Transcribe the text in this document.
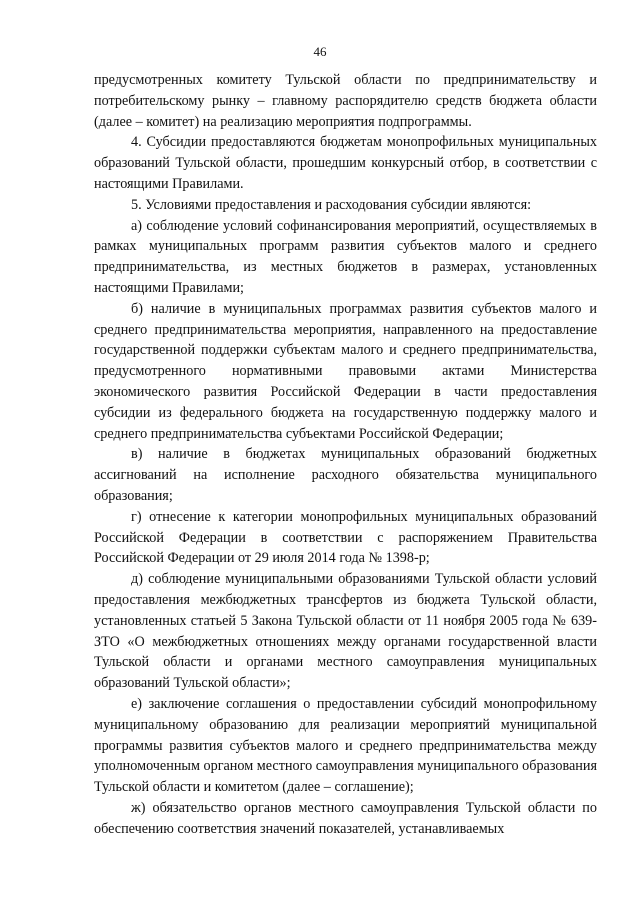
46

предусмотренных комитету Тульской области по предпринимательству и потребительскому рынку – главному распорядителю средств бюджета области (далее – комитет) на реализацию мероприятия подпрограммы.

4. Субсидии предоставляются бюджетам монопрофильных муниципальных образований Тульской области, прошедшим конкурсный отбор, в соответствии с настоящими Правилами.

5. Условиями предоставления и расходования субсидии являются:

а) соблюдение условий софинансирования мероприятий, осуществляемых в рамках муниципальных программ развития субъектов малого и среднего предпринимательства, из местных бюджетов в размерах, установленных настоящими Правилами;

б) наличие в муниципальных программах развития субъектов малого и среднего предпринимательства мероприятия, направленного на предоставление государственной поддержки субъектам малого и среднего предпринимательства, предусмотренного нормативными правовыми актами Министерства экономического развития Российской Федерации в части предоставления субсидии из федерального бюджета на государственную поддержку малого и среднего предпринимательства субъектами Российской Федерации;

в) наличие в бюджетах муниципальных образований бюджетных ассигнований на исполнение расходного обязательства муниципального образования;

г) отнесение к категории монопрофильных муниципальных образований Российской Федерации в соответствии с распоряжением Правительства Российской Федерации от 29 июля 2014 года № 1398-р;

д) соблюдение муниципальными образованиями Тульской области условий предоставления межбюджетных трансфертов из бюджета Тульской области, установленных статьей 5 Закона Тульской области от 11 ноября 2005 года № 639-ЗТО «О межбюджетных отношениях между органами государственной власти Тульской области и органами местного самоуправления муниципальных образований Тульской области»;

е) заключение соглашения о предоставлении субсидий монопрофильному муниципальному образованию для реализации мероприятий муниципальной программы развития субъектов малого и среднего предпринимательства между уполномоченным органом местного самоуправления муниципального образования Тульской области и комитетом (далее – соглашение);

ж) обязательство органов местного самоуправления Тульской области по обеспечению соответствия значений показателей, устанавливаемых
